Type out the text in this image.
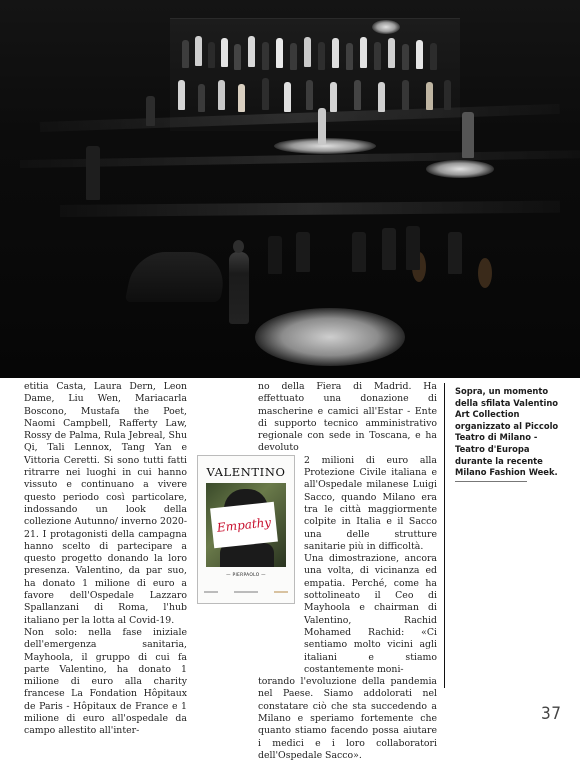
etitia Casta, Laura Dern, Leon Dame, Liu Wen, Mariacarla Boscono, Mustafa the Poet, Naomi Campbell, Rafferty Law, Rossy de Palma, Rula Jebreal, Shu Qi, Tali Lennox, Tang Yan e Vittoria Ceretti. Si sono tutti fatti ritrarre nei luoghi in cui hanno vissuto e continuano a vivere questo periodo così particolare, indossando un look della collezione Autunno/ inverno 2020-21. I protagonisti della campagna hanno scelto di partecipare a questo progetto donando la loro presenza. Valentino, da par suo, ha donato 1 milione di euro a favore dell'Ospedale Lazzaro Spallanzani di Roma, l'hub italiano per la lotta al Covid-19.

Non solo: nella fase iniziale dell'emergenza sanitaria, Mayhoola, il gruppo di cui fa parte Valentino, ha donato 1 milione di euro alla charity francese La Fondation Hôpitaux de Paris - Hôpitaux de France e 1 milione di euro all'ospedale da campo allestito all'inter-

VALENTINO
Empathy
— PIERPAOLO —

no della Fiera di Madrid. Ha effettuato una donazione di mascherine e camici all'Estar - Ente di supporto tecnico amministrativo regionale con sede in Toscana, e ha devoluto

2 milioni di euro alla Protezione Civile italiana e all'Ospedale milanese Luigi Sacco, quando Milano era tra le città maggiormente colpite in Italia e il Sacco una delle strutture sanitarie più in difficoltà.

Una dimostrazione, ancora una volta, di vicinanza ed empatia. Perché, come ha sottolineato il Ceo di Mayhoola e chairman di Valentino, Rachid Mohamed Rachid: «Ci sentiamo molto vicini agli italiani e stiamo costantemente moni-

torando l'evoluzione della pandemia nel Paese. Siamo addolorati nel constatare ciò che sta succedendo a Milano e speriamo fortemente che quanto stiamo facendo possa aiutare i medici e i loro collaboratori dell'Ospedale Sacco».

Sopra, un momento della sfilata Valentino Art Collection organizzato al Piccolo Teatro di Milano - Teatro d'Europa durante la recente Milano Fashion Week.
37
